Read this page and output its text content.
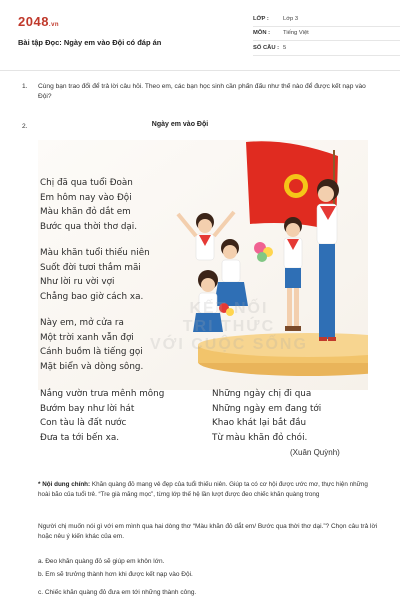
2048.vn
Bài tập Đọc: Ngày em vào Đội có đáp án
LỚP :	Lớp 3
MÔN :	Tiếng Việt
SỐ CÂU : 5
1. Cùng bạn trao đổi để trả lời câu hỏi. Theo em, các bạn học sinh cần phấn đấu như thế nào để được kết nạp vào Đội?
2.	Ngày em vào Đội
KẾT NỐI
TRI THỨC
VỚI CUỘC SỐNG
Chị đã qua tuổi Đoàn
Em hôm nay vào Đội
Màu khăn đỏ dắt em
Bước qua thời thơ dại.
Màu khăn tuổi thiếu niên
Suốt đời tươi thắm mãi
Như lời ru vời vợi
Chẳng bao giờ cách xa.
Này em, mở cửa ra
Một trời xanh vẫn đợi
Cánh buồm là tiếng gọi
Mặt biển và dòng sông.
Nắng vườn trưa mênh mông
Bướm bay như lời hát
Con tàu là đất nước
Đưa ta tới bến xa.
Những ngày chị đi qua
Những ngày em đang tới
Khao khát lại bắt đầu
Từ màu khăn đỏ chói.
(Xuân Quỳnh)
* Nội dung chính: Khăn quàng đỏ mang vẻ đẹp của tuổi thiếu niên. Giúp ta có cơ hội được ước mơ, thực hiện những hoài bão của tuổi trẻ. “Tre già măng mọc”, từng lớp thế hệ lần lượt được đeo chiếc khăn quàng trong
Người chị muốn nói gì với em mình qua hai dòng thơ “Màu khăn đỏ dắt em/ Bước qua thời thơ dại.”? Chọn câu trả lời hoặc nêu ý kiến khác của em.
a. Đeo khăn quàng đỏ sẽ giúp em khôn lớn.
b. Em sẽ trưởng thành hơn khi được kết nạp vào Đội.
c. Chiếc khăn quàng đỏ đưa em tới những thành công.
